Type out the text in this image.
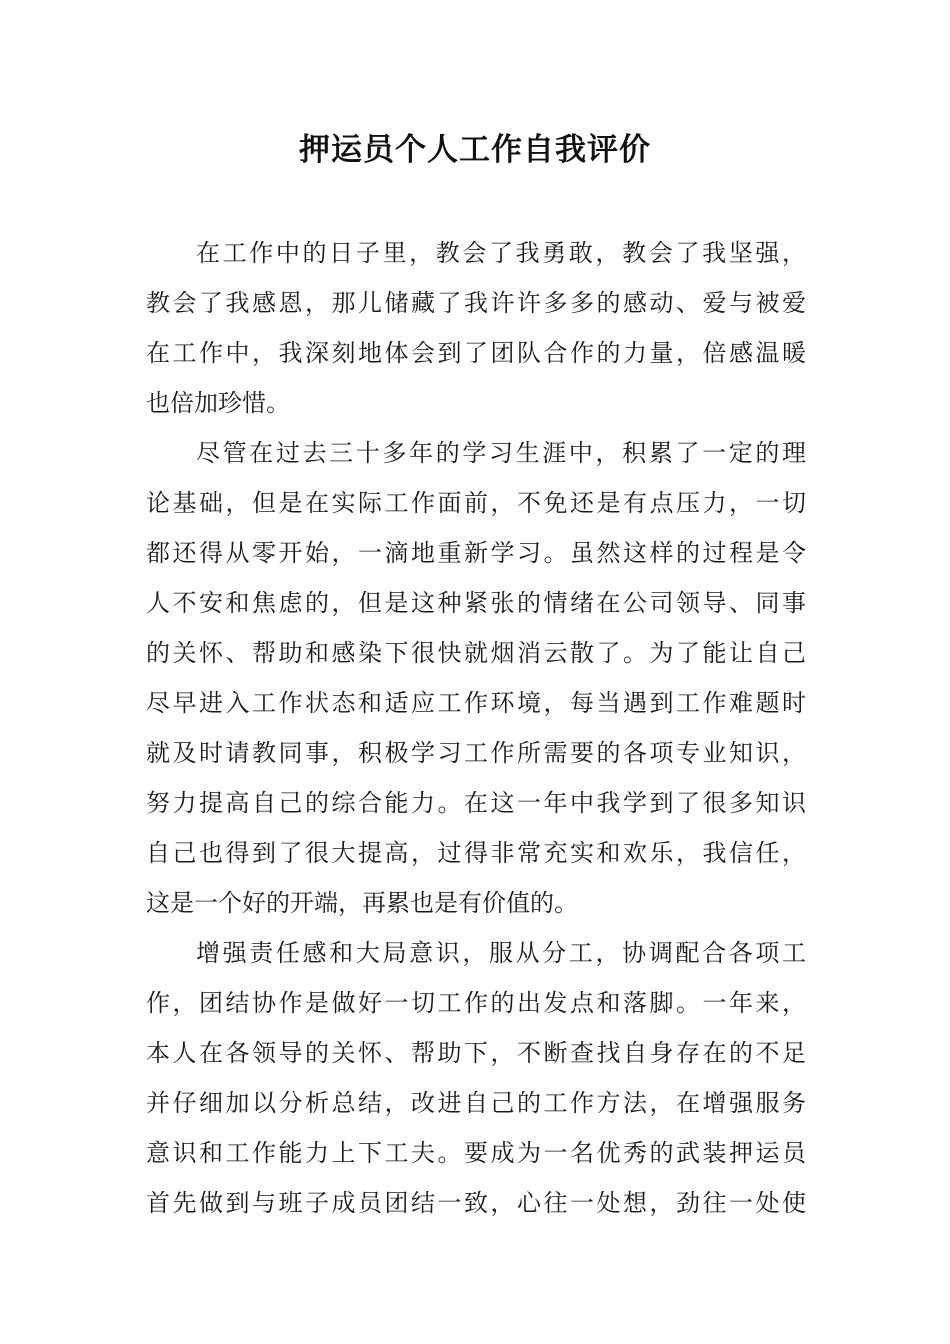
押运员个人工作自我评价

在工作中的日子里，教会了我勇敢，教会了我坚强，
教会了我感恩，那儿储藏了我许许多多的感动、爱与被爱
在工作中，我深刻地体会到了团队合作的力量，倍感温暖
也倍加珍惜。

尽管在过去三十多年的学习生涯中，积累了一定的理
论基础，但是在实际工作面前，不免还是有点压力，一切
都还得从零开始，一滴地重新学习。虽然这样的过程是令
人不安和焦虑的，但是这种紧张的情绪在公司领导、同事
的关怀、帮助和感染下很快就烟消云散了。为了能让自己
尽早进入工作状态和适应工作环境，每当遇到工作难题时
就及时请教同事，积极学习工作所需要的各项专业知识，
努力提高自己的综合能力。在这一年中我学到了很多知识
自己也得到了很大提高，过得非常充实和欢乐，我信任，
这是一个好的开端，再累也是有价值的。

增强责任感和大局意识，服从分工，协调配合各项工
作，团结协作是做好一切工作的出发点和落脚。一年来，
本人在各领导的关怀、帮助下，不断查找自身存在的不足
并仔细加以分析总结，改进自己的工作方法，在增强服务
意识和工作能力上下工夫。要成为一名优秀的武装押运员
首先做到与班子成员团结一致，心往一处想，劲往一处使
